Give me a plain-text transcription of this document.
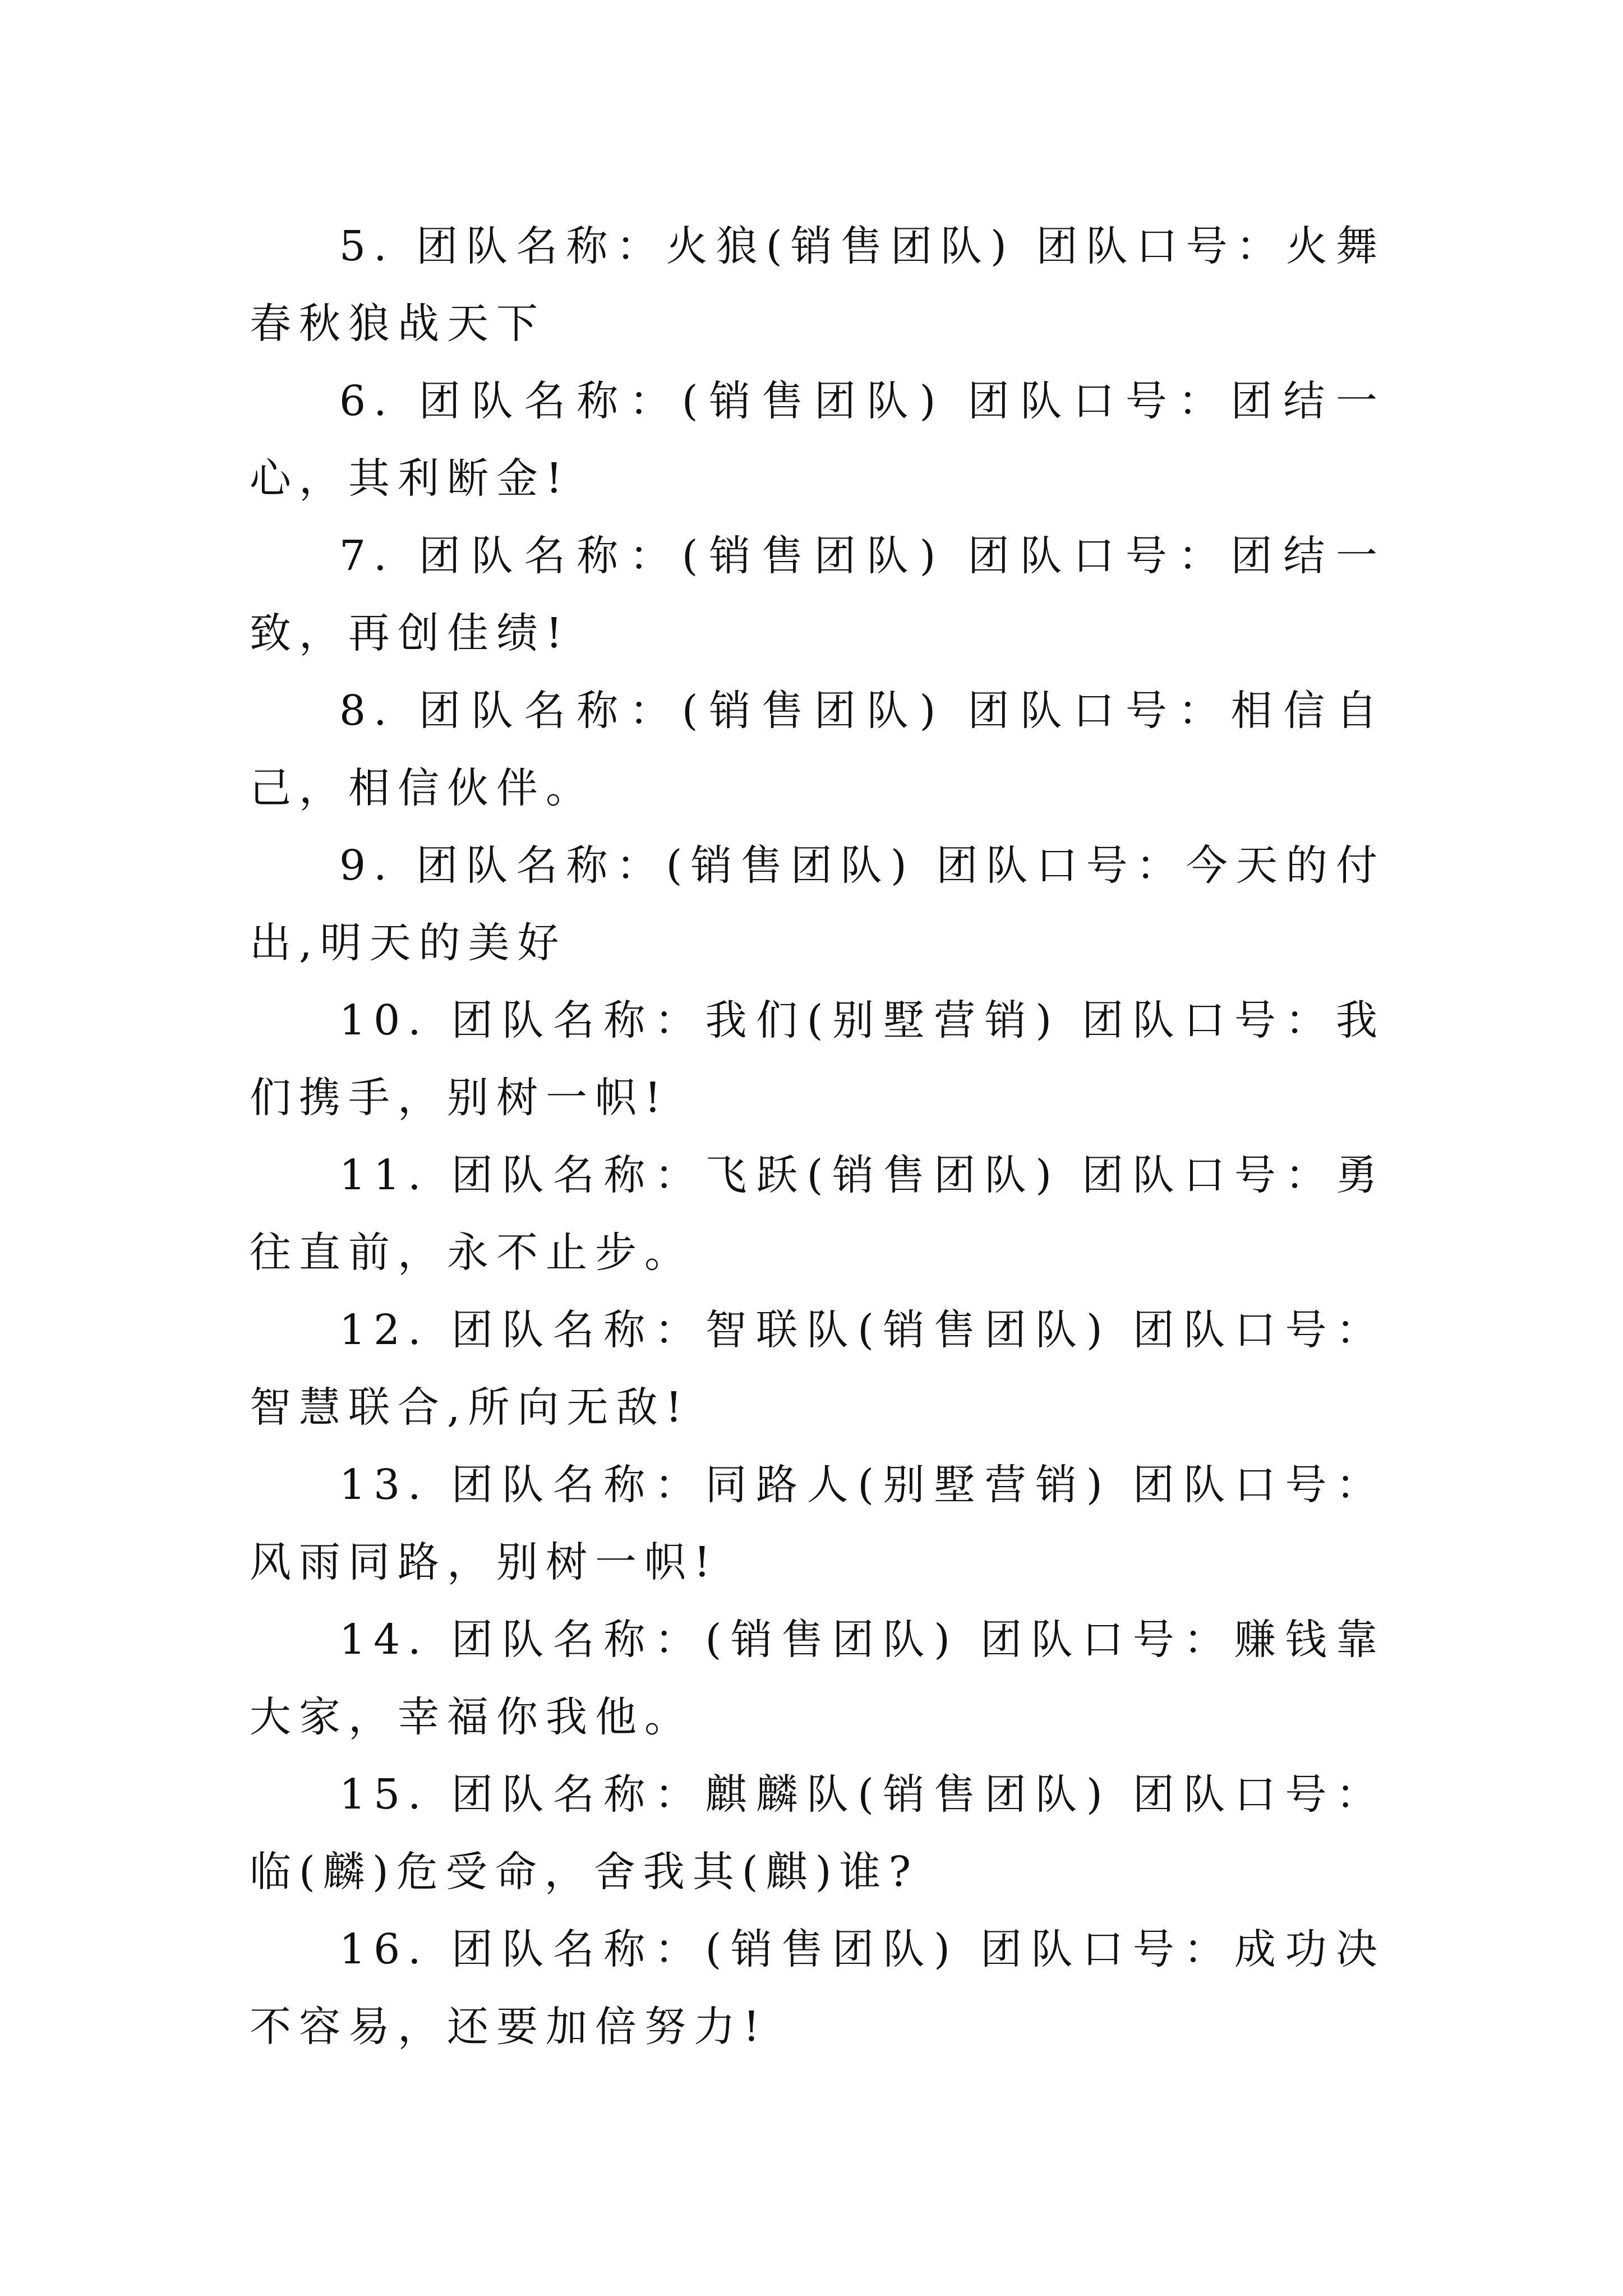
5. 团队名称：火狼(销售团队) 团队口号：火舞春秋狼战天下

6. 团队名称：(销售团队) 团队口号：团结一心，其利断金!

7. 团队名称：(销售团队) 团队口号：团结一致，再创佳绩!

8. 团队名称：(销售团队) 团队口号：相信自己，相信伙伴。

9. 团队名称：(销售团队) 团队口号：今天的付出,明天的美好

10. 团队名称：我们(别墅营销) 团队口号：我们携手，别树一帜!

11. 团队名称：飞跃(销售团队) 团队口号：勇往直前，永不止步。

12. 团队名称：智联队(销售团队) 团队口号：智慧联合,所向无敌!

13. 团队名称：同路人(别墅营销) 团队口号：风雨同路，别树一帜!

14. 团队名称：(销售团队) 团队口号：赚钱靠大家，幸福你我他。

15. 团队名称：麒麟队(销售团队) 团队口号：临(麟)危受命，舍我其(麒)谁?

16. 团队名称：(销售团队) 团队口号：成功决不容易，还要加倍努力!
